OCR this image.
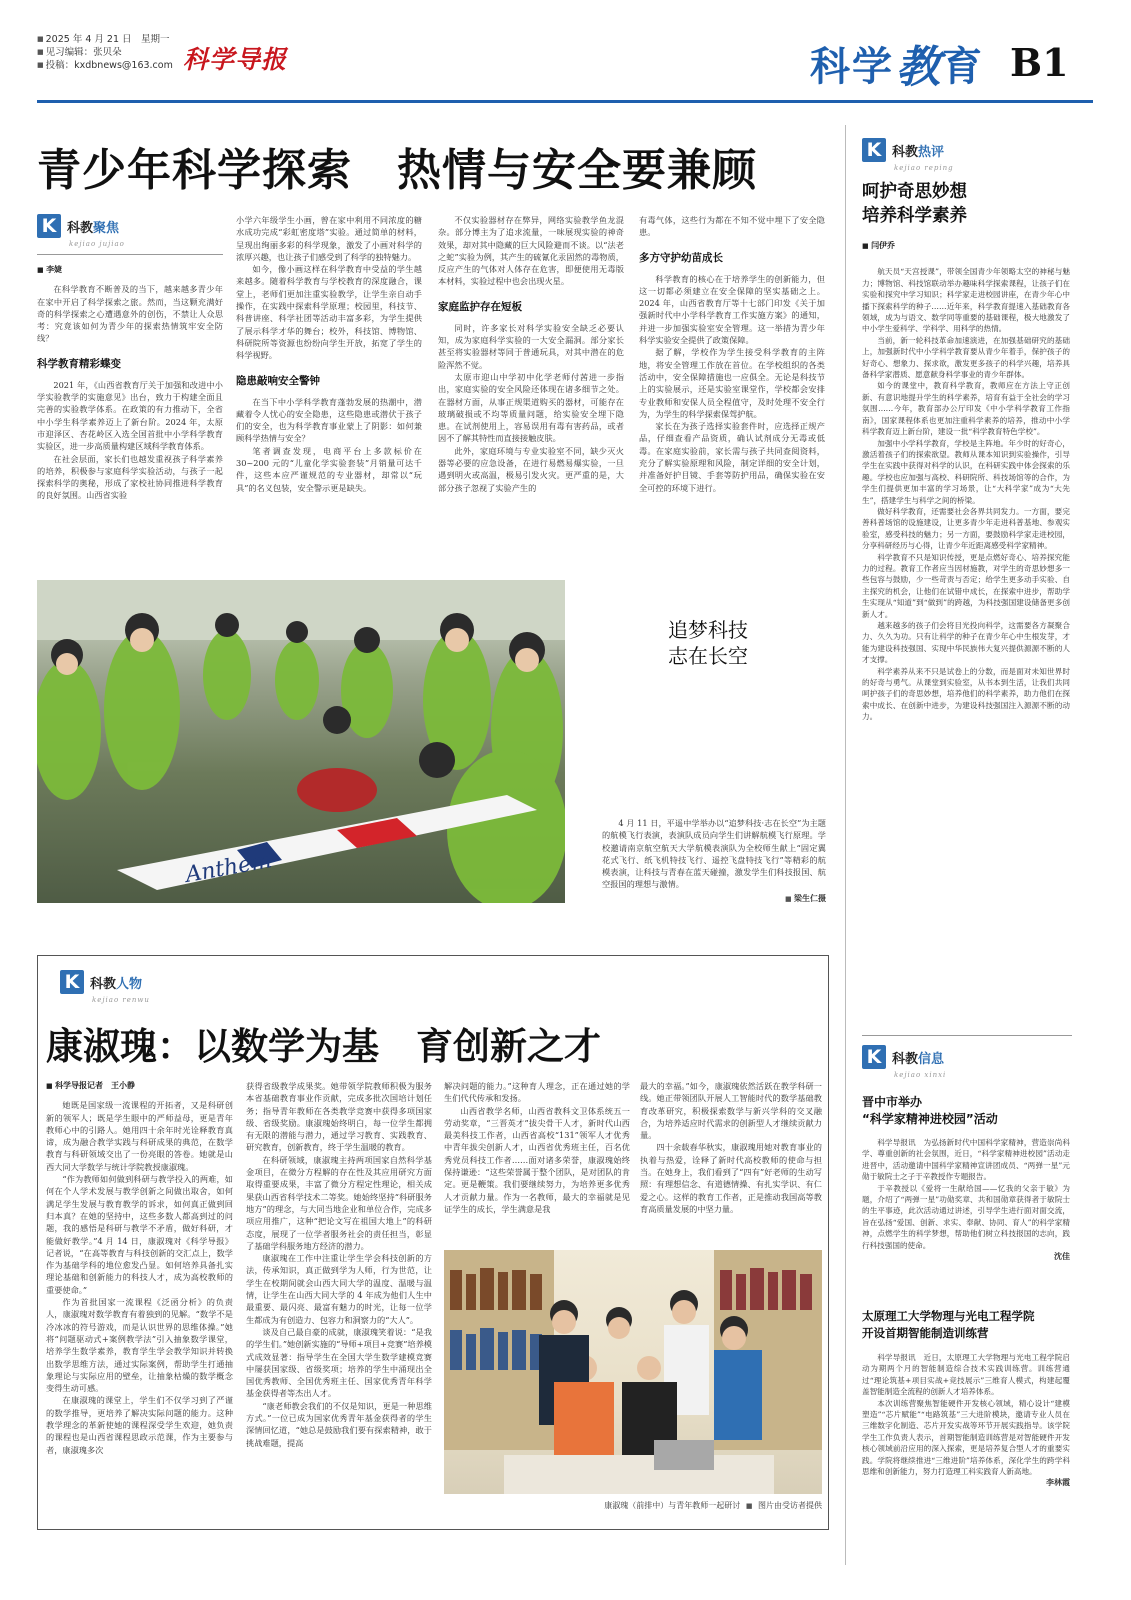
■ 2025 年 4 月 21 日　星期一
■ 见习编辑：张贝朵
■ 投稿：kxdbnews@163.com 科学导报	科学 教 育 B1
青少年科学探索　热情与安全要兼顾
K 科教聚焦
kejiao jujiao
■ 李婕

在科学教育不断普及的当下，越来越多青少年在家中开启了科学探索之旅。然而，当这颗充满好奇的科学探索之心遭遇意外的创伤，不禁让人众思考：究竟该如何为青少年的探索热情筑牢安全防线？

科学教育精彩蝶变

2021 年，《山西省教育厅关于加强和改进中小学实验教学的实施意见》出台，致力于构建全面且完善的实验教学体系。在政策的有力推动下，全省中小学生科学素养迈上了新台阶。2024 年，太原市迎泽区、杏花岭区入选全国首批中小学科学教育实验区，进一步高质量构建区域科学教育体系。

在社会层面，家长们也越发重视孩子科学素养的培养，积极参与家庭科学实验活动，与孩子一起探索科学的奥秘，形成了家校社协同推进科学教育的良好氛围。山西省实验

小学六年级学生小画，曾在家中利用不同浓度的糖水成功完成“彩虹密度塔”实验。通过简单的材料，呈现出绚丽多彩的科学现象，激发了小画对科学的浓厚兴趣，也让孩子们感受到了科学的独特魅力。

如今，像小画这样在科学教育中受益的学生越来越多。随着科学教育与学校教育的深度融合，课堂上，老师们更加注重实验教学，让学生亲自动手操作，在实践中探索科学原理；校园里，科技节、科普讲座、科学社团等活动丰富多彩，为学生提供了展示科学才华的舞台；校外，科技馆、博物馆、科研院所等资源也纷纷向学生开放，拓宽了学生的科学视野。

隐患敲响安全警钟

在当下中小学科学教育蓬勃发展的热潮中，潜藏着令人忧心的安全隐患，这些隐患或潜伏于孩子们的安全，也为科学教育事业蒙上了阴影：如何兼顾科学热情与安全？

笔者调查发现，电商平台上多款标价在 30~200 元的“儿童化学实验套装”月销量可达千件，这些本应严谨规范的专业器材，却常以“玩具”的名义包装，安全警示更是缺失。

不仅实验器材存在弊异，网络实验教学鱼龙混杂。部分博主为了追求流量，一味展现实验的神奇效果，却对其中隐藏的巨大风险避而不谈。以“法老之蛇”实验为例，其产生的硫氰化汞固然的毒物质，反应产生的气体对人体存在危害，即便使用无毒版本材料，实验过程中也会出现火星。

家庭监护存在短板

同时，许多家长对科学实验安全缺乏必要认知，成为家庭科学实验的一大安全漏洞。部分家长甚至将实验器材等同于普通玩具，对其中潜在的危险浑然不觉。

太原市迎山中学初中化学老师付茜进一步指出，家庭实验的安全风险还体现在诸多细节之处。在器材方面，从事正规渠道购买的器材，可能存在玻璃破损或不均等质量问题，给实验安全埋下隐患。在试剂使用上，容易误用有毒有害药品，或者因不了解其特性而直接接触皮肤。

此外，家庭环境与专业实验室不同，缺少灭火器等必要的应急设备，在进行易燃易爆实验，一旦遇到明火或高温，极易引发火灾。更严重的是，大部分孩子忽视了实验产生的

有毒气体，这些行为都在不知不觉中埋下了安全隐患。

多方守护幼苗成长

科学教育的核心在于培养学生的创新能力，但这一切都必须建立在安全保障的坚实基础之上。2024 年，山西省教育厅等十七部门印发《关于加强新时代中小学科学教育工作实施方案》的通知，并进一步加强实验室安全管理。这一举措为青少年科学实验安全提供了政策保障。

据了解，学校作为学生接受科学教育的主阵地，将安全管理工作放在首位。在学校组织的各类活动中，安全保障措施也一应俱全。无论是科技节上的实验展示，还是实验室课堂作，学校都会安排专业教师和安保人员全程值守，及时处理不安全行为，为学生的科学探索保驾护航。

家长在为孩子选择实验套件时，应选择正规产品，仔细查看产品资质，确认试剂成分无毒或低毒。在家庭实验前，家长需与孩子共同查阅资料，充分了解实验原理和风险，制定详细的安全计划，并准备好护目镜、手套等防护用品，确保实验在安全可控的环境下进行。

Anthem
追梦科技
志在长空

4 月 11 日，平遥中学举办以“追梦科技·志在长空”为主题的航模飞行表演，表演队成员向学生们讲解航模飞行原理。学校邀请南京航空航天大学航模表演队为全校师生献上“固定翼花式飞行、纸飞机特技飞行、遥控飞盘特技飞行”等精彩的航模表演，让科技与青春在蓝天碰撞，激发学生们科技报国、航空报国的理想与激情。

■ 梁生仁摄
K 科教人物
kejiao renwu
康淑瑰：以数学为基　育创新之才
■ 科学导报记者　王小静

她既是国家级一流课程的开拓者，又是科研创新的领军人；既是学生眼中的严师益母，更是青年教师心中的引路人。她用四十余年时光诠释教育真谛，成为融合教学实践与科研成果的典范，在数学教育与科研领域交出了一份亮眼的答卷。她就是山西大同大学数学与统计学院教授康淑瑰。

“作为教师如何做到科研与教学投入的两难，如何在个人学术发展与教学创新之间做出取舍，如何满足学生发展与教育教学的诉求，如何真正做到回归本真？在她的坚持中，这些多数人都高到过的问题，我的感悟是科研与教学不矛盾，做好科研，才能做好教学。”4 月 14 日，康淑瑰对《科学导报》记者说，“在高等教育与科技创新的交汇点上，数学作为基础学科的地位愈发凸显。如何培养具备扎实理论基础和创新能力的科技人才，成为高校教师的重要使命。”

作为首批国家一流课程《泛函分析》的负责人，康淑瑰对数学教育有着独到的见解。“数学不是冷冰冰的符号游戏，而是认识世界的思维体操。”她将“问题驱动式+案例教学法”引入抽象数学课堂，培养学生数学素养，教育学生学会教学知识并转换出数学思维方法，通过实际案例，帮助学生打通抽象理论与实际应用的壁垒，让抽象枯燥的数学概念变得生动可感。

在康淑瑰的课堂上，学生们不仅学习到了严谨的数学推导，更培养了解决实际问题的能力。这种教学理念的革新使她的课程深受学生欢迎，她负责的课程也是山西省课程思政示范课，作为主要参与者，康淑瑰多次

获得省级教学成果奖。她带领学院教师积极为服务本省基础教育事业作贡献，完成多批次国培计划任务；指导青年教师在各类教学竞赛中获得多项国家级、省级奖励。康淑瑰始终明白，每一位学生都拥有无限的潜能与潜力，通过学习教育、实践教育、研究教育，创新教育，终于学生温暖的教育。

在科研领域，康淑瑰主持两项国家自然科学基金项目，在微分方程解的存在性及其应用研究方面取得重要成果，丰富了微分方程定性理论，相关成果获山西省科学技术二等奖。她始终坚持“科研服务地方”的理念，与大同当地企业和单位合作，完成多项应用推广，这种“把论文写在祖国大地上”的科研态度，展现了一位学者服务社会的责任担当，彰显了基础学科服务地方经济的潜力。

康淑瑰在工作中注重让学生学会科技创新的方法，传承知识，真正做到学为人师，行为世范，让学生在校期间就会山西大同大学的温度、温暖与温情，让学生在山西大同大学的 4 年成为他们人生中最重要、最闪亮、最富有魅力的时光，让每一位学生都成为有创造力、包容力和洞察力的“大人”。

谈及自己最自豪的成就，康淑瑰笑着说：“是我的学生们。”她创新实施的“导师+项目+竞赛”培养模式成效显著：指导学生在全国大学生数学建模竞赛中屡获国家级、省级奖项；培养的学生中涌现出全国优秀教师、全国优秀班主任、国家优秀青年科学基金获得者等杰出人才。

“康老师教会我们的不仅是知识，更是一种思维方式。”一位已成为国家优秀青年基金获得者的学生深情回忆道，“她总是鼓励我们要有探索精神，敢于挑战难题，提高

解决问题的能力。”这种育人理念，正在通过她的学生们代代传承和发扬。

山西省教学名师，山西省教科文卫体系统五一劳动奖章，“三晋英才”拔尖骨干人才，新时代山西最美科技工作者，山西省高校“131”领军人才优秀中青年拔尖创新人才，山西省优秀班主任，百名优秀党员科技工作者……面对诸多荣誉，康淑瑰始终保持谦逊：“这些荣誉属于整个团队，是对团队的肯定。更是鞭策。我们要继续努力，为培养更多优秀人才贡献力量。作为一名教师，最大的幸福就是见证学生的成长，学生满意是我

最大的幸福。”如今，康淑瑰依然活跃在教学科研一线。她正带领团队开展人工智能时代的数学基础教育改革研究，积极探索数学与新兴学科的交叉融合，为培养适应时代需求的创新型人才继续贡献力量。

四十余载春华秋实，康淑瑰用她对教育事业的执着与热爱，诠释了新时代高校教师的使命与担当。在她身上，我们看到了“四有”好老师的生动写照：有理想信念、有道德情操、有扎实学识、有仁爱之心。这样的教育工作者，正是推动我国高等教育高质量发展的中坚力量。

康淑瑰（前排中）与青年教师一起研讨 ■ 图片由受访者提供
K 科教热评
kejiao reping
呵护奇思妙想
培养科学素养
■ 闫伊乔

航天员“天宫授课”，带领全国青少年领略太空的神秘与魅力；博物馆、科技馆联动举办趣味科学探索课程，让孩子们在实验和探究中学习知识；科学家走进校园讲座，在青少年心中播下探索科学的种子……近年来，科学教育提速入基础教育各领域，成为与语文、数学同等重要的基础课程，极大地激发了中小学生爱科学、学科学、用科学的热情。

当前，新一轮科技革命加速演进，在加强基础研究的基础上，加强新时代中小学科学教育要从青少年着手，保护孩子的好奇心、想象力、探求欲，激发更多孩子的科学兴趣，培养具备科学家潜质、愿意献身科学事业的青少年群体。

如今的课堂中，教育科学教育，教师应在方法上守正创新、有意识地提升学生的科学素养，培育有益于全社会的学习氛围……今年，教育部办公厅印发《中小学科学教育工作指南》，国家课程体系也更加注重科学素养的培养，推动中小学科学教育迈上新台阶，建设一批“科学教育特色学校”。

加强中小学科学教育，学校是主阵地。年少时的好奇心，激活着孩子们的探索欲望。教师从课本知识到实验操作，引导学生在实践中获得对科学的认识，在科研实践中体会探索的乐趣。学校也应加强与高校、科研院所、科技场馆等的合作，为学生们提供更加丰富的学习场景，让“大科学家”成为“大先生”，搭建学生与科学之间的桥梁。

做好科学教育，还需要社会各界共同发力。一方面，要完善科普场馆的设施建设，让更多青少年走进科普基地、参观实验室，感受科技的魅力；另一方面，要鼓励科学家走进校园，分享科研经历与心得，让青少年近距离感受科学家精神。

科学教育不只是知识传授，更是点燃好奇心、培养探究能力的过程。教育工作者应当因材施教，对学生的奇思妙想多一些包容与鼓励，少一些苛责与否定；给学生更多动手实验、自主探究的机会，让他们在试错中成长，在探索中进步，帮助学生实现从“知道”到“做到”的跨越，为科技强国建设储备更多创新人才。

越来越多的孩子们会将目光投向科学，这需要各方凝聚合力、久久为功。只有让科学的种子在青少年心中生根发芽，才能为建设科技强国、实现中华民族伟大复兴提供源源不断的人才支撑。

科学素养从来不只是试卷上的分数，而是面对未知世界时的好奇与勇气。从课堂到实验室，从书本到生活，让我们共同呵护孩子们的奇思妙想，培养他们的科学素养，助力他们在探索中成长、在创新中进步，为建设科技强国注入源源不断的动力。

K 科教信息
kejiao xinxi
晋中市举办
“科学家精神进校园”活动

科学导报讯　为弘扬新时代中国科学家精神，营造崇尚科学、尊重创新的社会氛围，近日，“科学家精神进校园”活动走进晋中，活动邀请中国科学家精神宣讲团成员、“两弹一星”元勋于敏院士之子于辛教授作专题报告。

于辛教授以《爱将一生献给国——忆我的父亲于敏》为题，介绍了“两弹一星”功勋奖章、共和国勋章获得者于敏院士的生平事迹，此次活动通过讲述，引导学生进行面对面交流，旨在弘扬“爱国、创新、求实、奉献、协同、育人”的科学家精神，点燃学生的科学梦想，帮助他们树立科技报国的志向，践行科技强国的使命。

沈佳
太原理工大学物理与光电工程学院
开设首期智能制造训练营

科学导报讯　近日，太原理工大学物理与光电工程学院启动为期两个月的智能制造综合技术实践训练营。训练营通过“理论筑基+项目实战+竞技展示”三维育人模式，构建起覆盖智能制造全流程的创新人才培养体系。

本次训练营聚焦智能硬件开发核心领域，精心设计“建模塑造”“芯片赋能”“电路筑基”三大进阶模块，邀请专业人员在三维数字化制造、芯片开发实战等环节开展实践指导。该学院学生工作负责人表示，首期智能制造训练营是对智能硬件开发核心领域前沿应用的深入探索，更是培养复合型人才的重要实践。学院将继续推进“三维进阶”培养体系，深化学生的跨学科思维和创新能力，努力打造理工科实践育人新高地。

李林霞
